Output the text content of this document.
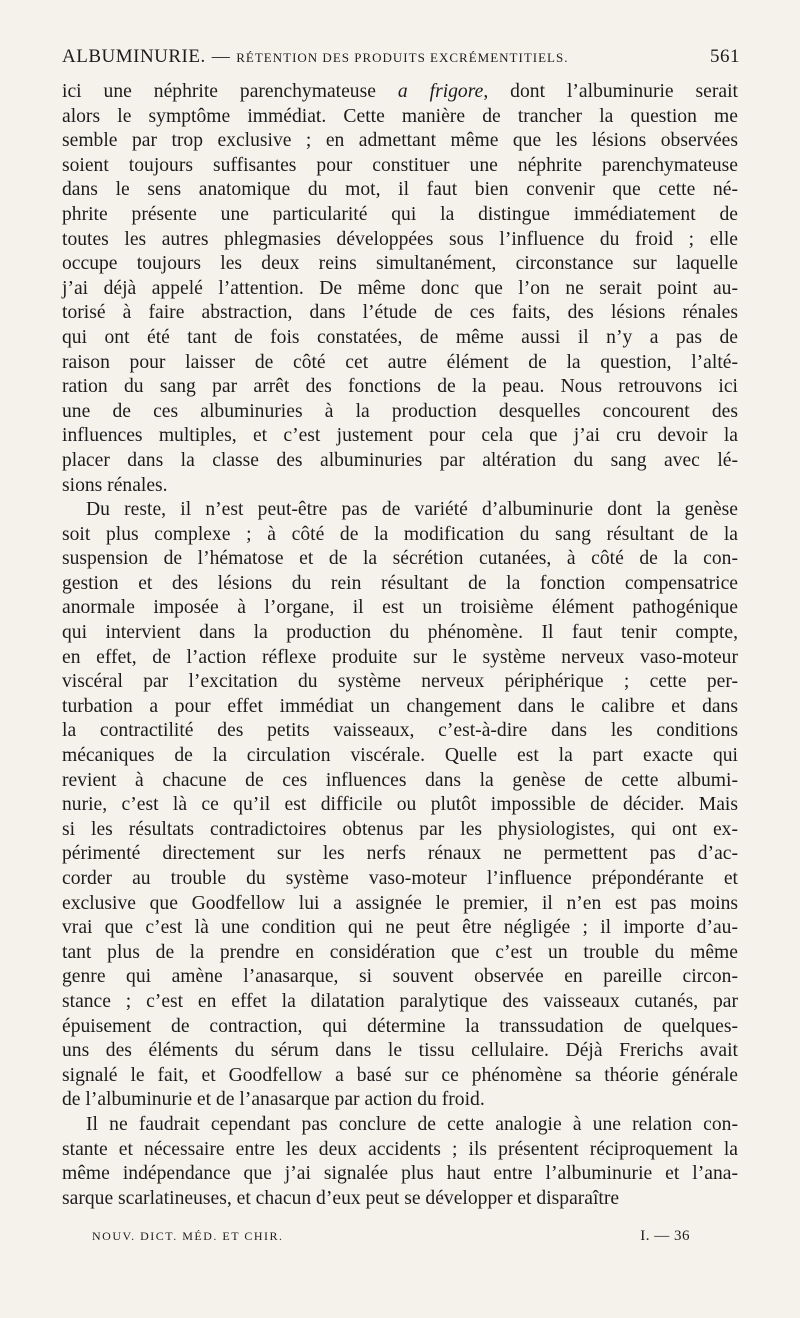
ALBUMINURIE. — RÉTENTION DES PRODUITS EXCRÉMENTITIELS.	561

ici une néphrite parenchymateuse a frigore, dont l’albuminurie serait
alors le symptôme immédiat. Cette manière de trancher la question me
semble par trop exclusive ; en admettant même que les lésions observées
soient toujours suffisantes pour constituer une néphrite parenchymateuse
dans le sens anatomique du mot, il faut bien convenir que cette né-
phrite présente une particularité qui la distingue immédiatement de
toutes les autres phlegmasies développées sous l’influence du froid ; elle
occupe toujours les deux reins simultanément, circonstance sur laquelle
j’ai déjà appelé l’attention. De même donc que l’on ne serait point au-
torisé à faire abstraction, dans l’étude de ces faits, des lésions rénales
qui ont été tant de fois constatées, de même aussi il n’y a pas de
raison pour laisser de côté cet autre élément de la question, l’alté-
ration du sang par arrêt des fonctions de la peau. Nous retrouvons ici
une de ces albuminuries à la production desquelles concourent des
influences multiples, et c’est justement pour cela que j’ai cru devoir la
placer dans la classe des albuminuries par altération du sang avec lé-
sions rénales.

Du reste, il n’est peut-être pas de variété d’albuminurie dont la genèse
soit plus complexe ; à côté de la modification du sang résultant de la
suspension de l’hématose et de la sécrétion cutanées, à côté de la con-
gestion et des lésions du rein résultant de la fonction compensatrice
anormale imposée à l’organe, il est un troisième élément pathogénique
qui intervient dans la production du phénomène. Il faut tenir compte,
en effet, de l’action réflexe produite sur le système nerveux vaso-moteur
viscéral par l’excitation du système nerveux périphérique ; cette per-
turbation a pour effet immédiat un changement dans le calibre et dans
la contractilité des petits vaisseaux, c’est-à-dire dans les conditions
mécaniques de la circulation viscérale. Quelle est la part exacte qui
revient à chacune de ces influences dans la genèse de cette albumi-
nurie, c’est là ce qu’il est difficile ou plutôt impossible de décider. Mais
si les résultats contradictoires obtenus par les physiologistes, qui ont ex-
périmenté directement sur les nerfs rénaux ne permettent pas d’ac-
corder au trouble du système vaso-moteur l’influence prépondérante et
exclusive que Goodfellow lui a assignée le premier, il n’en est pas moins
vrai que c’est là une condition qui ne peut être négligée ; il importe d’au-
tant plus de la prendre en considération que c’est un trouble du même
genre qui amène l’anasarque, si souvent observée en pareille circon-
stance ; c’est en effet la dilatation paralytique des vaisseaux cutanés, par
épuisement de contraction, qui détermine la transsudation de quelques-
uns des éléments du sérum dans le tissu cellulaire. Déjà Frerichs avait
signalé le fait, et Goodfellow a basé sur ce phénomène sa théorie générale
de l’albuminurie et de l’anasarque par action du froid.

Il ne faudrait cependant pas conclure de cette analogie à une relation con-
stante et nécessaire entre les deux accidents ; ils présentent réciproquement la
même indépendance que j’ai signalée plus haut entre l’albuminurie et l’ana-
sarque scarlatineuses, et chacun d’eux peut se développer et disparaître

NOUV. DICT. MÉD. ET CHIR.	I. — 36
